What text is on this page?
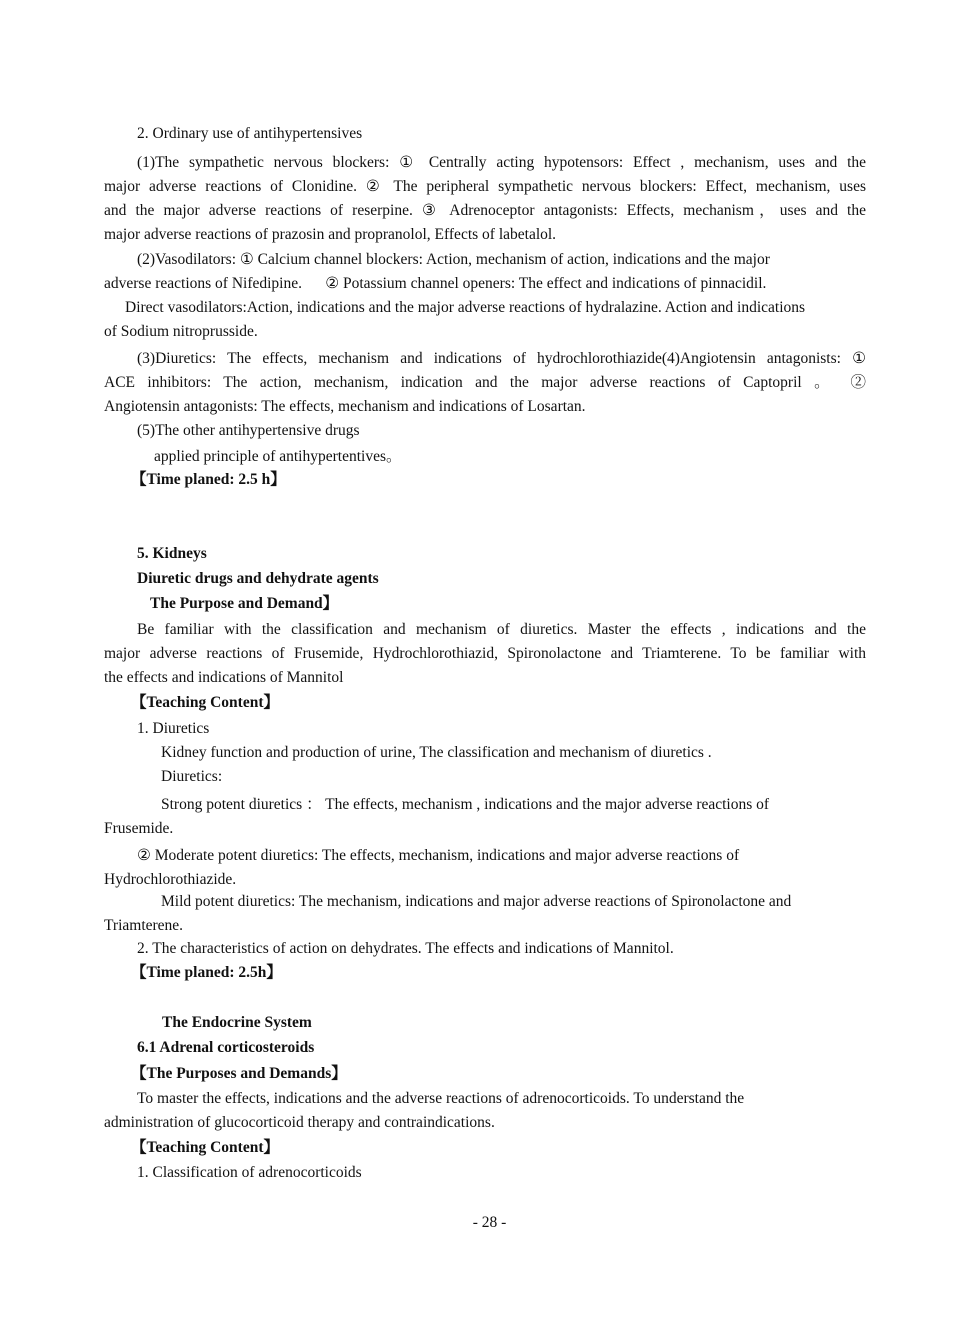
2. Ordinary use of antihypertensives
(1)The sympathetic nervous blockers: ① Centrally acting hypotensors: Effect , mechanism, uses and the
major adverse reactions of Clonidine. ② The peripheral sympathetic nervous blockers: Effect, mechanism, uses
and the major adverse reactions of reserpine. ③ Adrenoceptor antagonists: Effects, mechanism，uses and the
major adverse reactions of prazosin and propranolol, Effects of labetalol.
(2)Vasodilators: ① Calcium channel blockers: Action, mechanism of action, indications and the major
adverse reactions of Nifedipine.      ② Potassium channel openers: The effect and indications of pinnacidil.
Direct vasodilators:Action, indications and the major adverse reactions of hydralazine. Action and indications
of Sodium nitroprusside.
(3)Diuretics: The effects, mechanism and indications of hydrochlorothiazide(4)Angiotensin antagonists: ①
ACE inhibitors: The action, mechanism, indication and the major adverse reactions of Captopril 。 ②
Angiotensin antagonists: The effects, mechanism and indications of Losartan.
(5)The other antihypertensive drugs
applied principle of antihypertentives。
【Time planed: 2.5 h】
5. Kidneys
Diuretic drugs and dehydrate agents
The Purpose and Demand】
Be familiar with the classification and mechanism of diuretics. Master the effects , indications and the
major adverse reactions of Frusemide, Hydrochlorothiazid, Spironolactone and Triamterene. To be familiar with
the effects and indications of Mannitol
【Teaching Content】
1. Diuretics
Kidney function and production of urine, The classification and mechanism of diuretics .
Diuretics:
Strong potent diuretics ： The effects, mechanism , indications and the major adverse reactions of
Frusemide.
② Moderate potent diuretics: The effects, mechanism, indications and major adverse reactions of
Hydrochlorothiazide.
Mild potent diuretics: The mechanism, indications and major adverse reactions of Spironolactone and
Triamterene.
2. The characteristics of action on dehydrates. The effects and indications of Mannitol.
【Time planed: 2.5h】
The Endocrine System
6.1 Adrenal corticosteroids
【The Purposes and Demands】
To master the effects, indications and the adverse reactions of adrenocorticoids. To understand the
administration of glucocorticoid therapy and contraindications.
【Teaching Content】
1. Classification of adrenocorticoids
- 28 -
